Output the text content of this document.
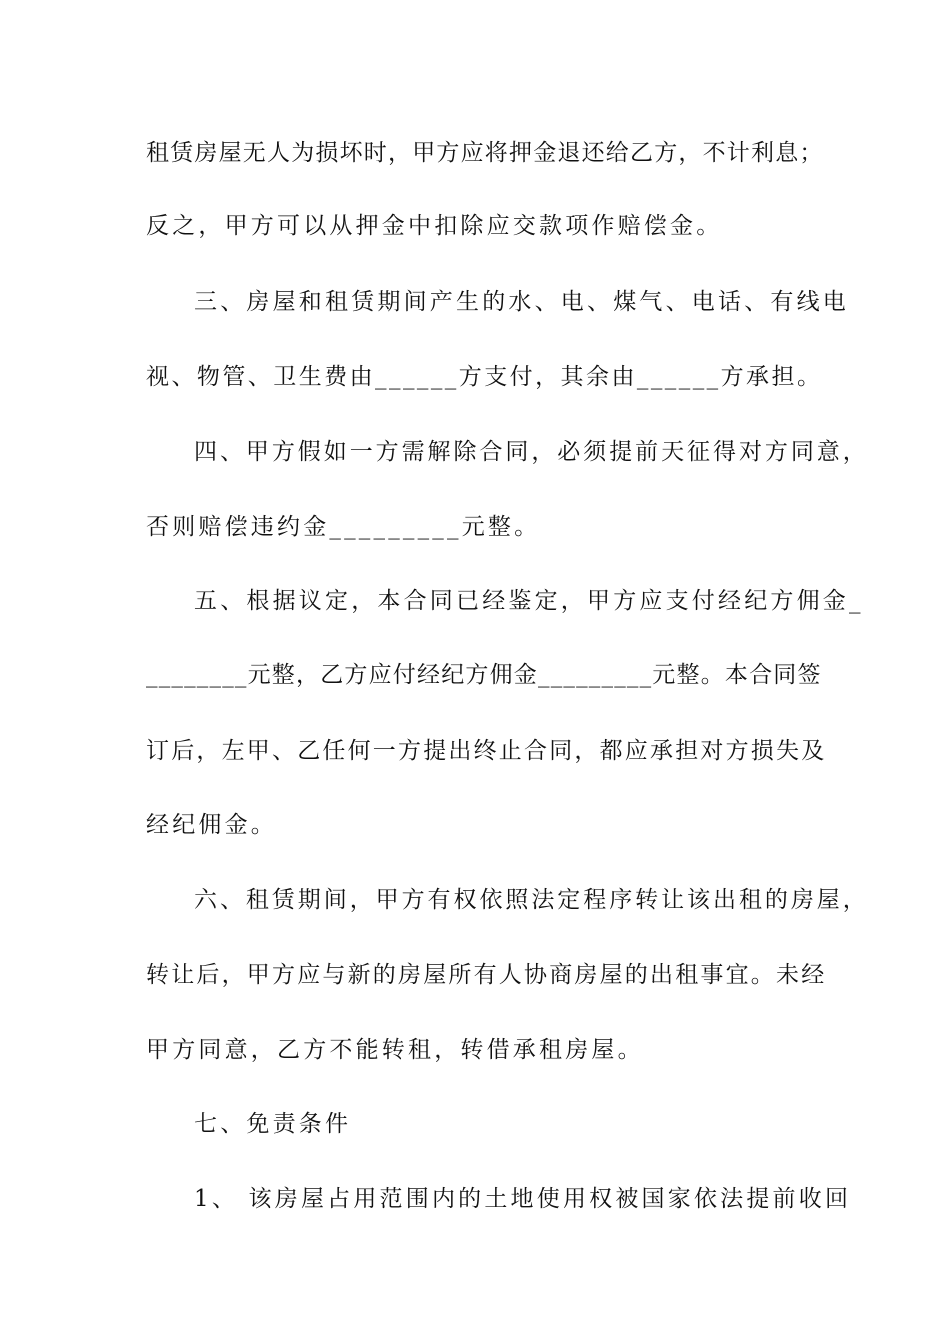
租赁房屋无人为损坏时，甲方应将押金退还给乙方，不计利息；
反之，甲方可以从押金中扣除应交款项作赔偿金。
三、房屋和租赁期间产生的水、电、煤气、电话、有线电
视、物管、卫生费由______方支付，其余由______方承担。
四、甲方假如一方需解除合同，必须提前天征得对方同意，
否则赔偿违约金_________元整。
五、根据议定，本合同已经鉴定，甲方应支付经纪方佣金_
________元整，乙方应付经纪方佣金_________元整。本合同签
订后，左甲、乙任何一方提出终止合同，都应承担对方损失及
经纪佣金。
六、租赁期间，甲方有权依照法定程序转让该出租的房屋，
转让后，甲方应与新的房屋所有人协商房屋的出租事宜。未经
甲方同意，乙方不能转租，转借承租房屋。
七、免责条件
1、 该房屋占用范围内的土地使用权被国家依法提前收回
